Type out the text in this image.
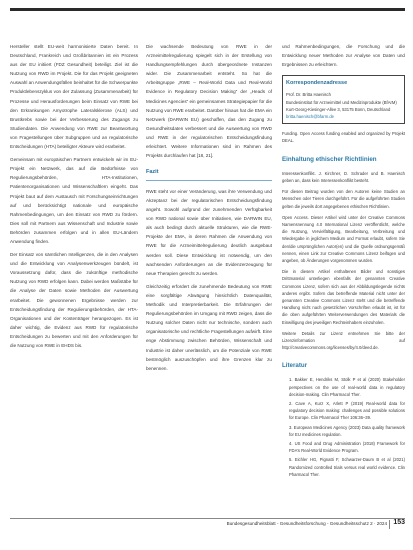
Hersteller stellt EU-weit harmonisierte Daten bereit. In Deutschland, Frankreich und Großbritannien ist ein Prozess aus der EU initiiert (FDZ Gesundheit) beteiligt. Ziel ist die Nutzung von RWD im Projekt. Die für das Projekt geeigneten Auswahl an Anwendungsfällen beinhaltet für die Schwerpunkte Produktlebenszyklus von der Zulassung (Zusammenarbeit) für Prozesse und Herausforderungen beim Einsatz von RWE bei den Erkrankungen Amyotrophe Lateralsklerose (ALS) und Brustkrebs sowie bei der Verbesserung des Zugangs zu Studiendaten. Die Anwendung von RWE zur Beantwortung von Fragestellungen über Subgruppen und an regulatorische Entscheidungen (HTA) beteiligter Akteure wird erarbeitet.

Gemeinsam mit europäischen Partnern entwickeln wir im EU-Projekt ein Netzwerk, das auf die Bedürfnisse von Regulierungsbehörden, HTA-Institutionen, Patientenorganisationen und Wissenschaftlern eingeht. Das Projekt baut auf dem Austausch mit Forschungseinrichtungen auf und berücksichtigt nationale und europäische Rahmenbedingungen, um den Einsatz von RWD zu fördern. Dies soll mit Partnern aus Wissenschaft und Industrie sowie Behörden zusammen erfolgen und in allen EU-Ländern Anwendung finden.

Der Einsatz von sämtlichen Intelligenzen, die in den Analysen und die Entwicklung von Analysenwerkzeugen bündelt, ist Voraussetzung dafür, dass die zukünftige methodische Nutzung von RWD erfolgen kann. Dabei werden Maßstäbe für die Analyse der Daten sowie Methoden der Auswertung erarbeitet. Die gewonnenen Ergebnisse werden zur Entscheidungsfindung der Regulierungsbehörden, der HTA-Organisationen und der Kostenträger herangezogen. Es ist daher wichtig, die Evidenz aus RWD für regulatorische Entscheidungen zu bewerten und mit den Anforderungen für die Nutzung von RWE in EHDS bis.

Die wachsende Bedeutung von RWE in der Arzneimittelregulierung spiegelt sich in der Erstellung von Handlungsempfehlungen durch übergeordnete Instanzen wider. Die Zusammenarbeit entsteht. So hat die Arbeitsgruppe „RWE – Real-World Data und Real-World Evidence in Regulatory Decision Making“ der „Heads of Medicines Agencies“ ein gemeinsames Strategiepapier für die Nutzung von RWE erarbeitet. Darüber hinaus hat die EMA ein Netzwerk (DARWIN EU) geschaffen, das den Zugang zu Gesundheitsdaten verbessert und die Auswertung von RWD und RWE in der regulatorischen Entscheidungsfindung erleichtert. Weitere Informationen sind im Rahmen des Projekts durchlaufen hat [18, 21].

Fazit

RWE steht vor einer Veränderung, was ihre Verwendung und Akzeptanz bei der regulatorischen Entscheidungsfindung angeht. Sowohl aufgrund der zunehmenden Verfügbarkeit von RWD national sowie über Initiativen, wie DARWIN EU, als auch bedingt durch aktuelle Strukturen, wie die RWE-Projekte der EMA, in deren Rahmen die Anwendung von RWE für die Arzneimittelregulierung deutlich ausgebaut werden soll. Diese Entwicklung ist notwendig, um den wachsenden Anforderungen an die Evidenzerzeugung für neue Therapien gerecht zu werden.

Gleichzeitig erfordert die zunehmende Bedeutung von RWE eine sorgfältige Abwägung hinsichtlich Datenqualität, Methodik und Interpretierbarkeit. Die Erfahrungen der Regulierungsbehörden im Umgang mit RWD zeigen, dass die Nutzung solcher Daten nicht nur technische, sondern auch organisatorische und rechtliche Fragestellungen aufwirft. Eine enge Abstimmung zwischen Behörden, Wissenschaft und Industrie ist daher unerlässlich, um die Potenziale von RWE bestmöglich auszuschöpfen und ihre Grenzen klar zu benennen.

und Rahmenbedingungen, die Forschung und die Entwicklung neuer Methoden zur Analyse von Daten und Ergebnissen zu erleichtern.

Korrespondenzadresse
Prof. Dr. Britta Haenisch
Bundesinstitut für Arzneimittel und Medizinprodukte (BfArM)
Kurt-Georg-Kiesinger-Allee 3, 53175 Bonn, Deutschland
britta.haenisch@bfarm.de
Funding. Open Access funding enabled and organized by Projekt DEAL.
Einhaltung ethischer Richtlinien
Interessenkonflikt. J. Kirchner, D. Schrader und B. Haenisch geben an, dass kein Interessenkonflikt besteht.
Für diesen Beitrag wurden von den Autoren keine Studien an Menschen oder Tieren durchgeführt. Für die aufgeführten Studien gelten die jeweils dort angegebenen ethischen Richtlinien.
Open Access. Dieser Artikel wird unter der Creative Commons Namensnennung 4.0 International Lizenz veröffentlicht, welche die Nutzung, Vervielfältigung, Bearbeitung, Verbreitung und Wiedergabe in jeglichem Medium und Format erlaubt, sofern Sie den/die ursprünglichen Autor(en) und die Quelle ordnungsgemäß nennen, einen Link zur Creative Commons Lizenz beifügen und angeben, ob Änderungen vorgenommen wurden.
Die in diesem Artikel enthaltenen Bilder und sonstiges Drittmaterial unterliegen ebenfalls der genannten Creative Commons Lizenz, sofern sich aus der Abbildungslegende nichts anderes ergibt. Sofern das betreffende Material nicht unter der genannten Creative Commons Lizenz steht und die betreffende Handlung nicht nach gesetzlichen Vorschriften erlaubt ist, ist für die oben aufgeführten Weiterverwendungen des Materials die Einwilligung des jeweiligen Rechteinhabers einzuholen.
Weitere Details zur Lizenz entnehmen Sie bitte der Lizenzinformation auf http://creativecommons.org/licenses/by/4.0/deed.de.
Literatur
1. Bakker E, Hendriks M, Stolk P et al (2020) Stakeholder perspectives on the use of real-world data in regulatory decision-making. Clin Pharmacol Ther.
2. Cave A, Kurz X, Arlett P (2019) Real-world data for regulatory decision making: challenges and possible solutions for Europe. Clin Pharmacol Ther 106:36–39.
3. European Medicines Agency (2023) Data quality framework for EU medicines regulation.
4. US Food and Drug Administration (2018) Framework for FDA’s Real-World Evidence Program.
5. Eichler HG, Pignatti F, Schwarzer-Daum B et al (2021) Randomized controlled trials versus real world evidence. Clin Pharmacol Ther.
Bundesgesundheitsblatt - Gesundheitsforschung - Gesundheitsschutz 2 · 2024 153
